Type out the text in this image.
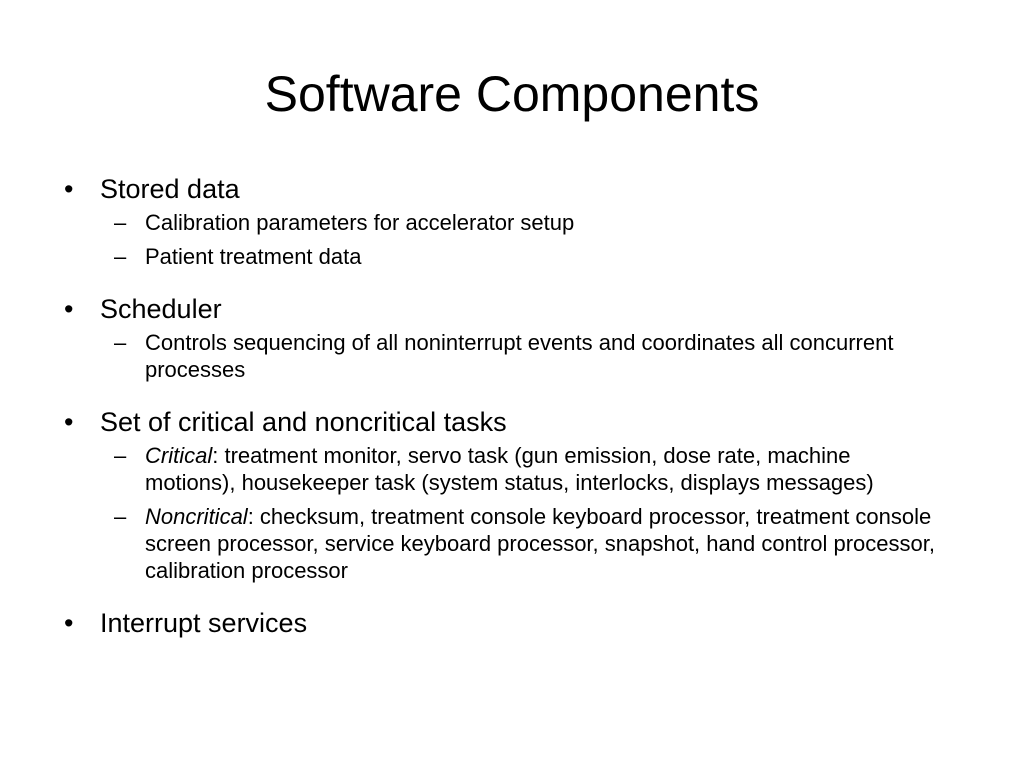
Software Components
• Stored data
– Calibration parameters for accelerator setup
– Patient treatment data
• Scheduler
– Controls sequencing of all noninterrupt events and coordinates all concurrent processes
• Set of critical and noncritical tasks
– Critical: treatment monitor, servo task (gun emission, dose rate, machine motions), housekeeper task (system status, interlocks, displays messages)
– Noncritical: checksum, treatment console keyboard processor, treatment console screen processor, service keyboard processor, snapshot, hand control processor, calibration processor
• Interrupt services
